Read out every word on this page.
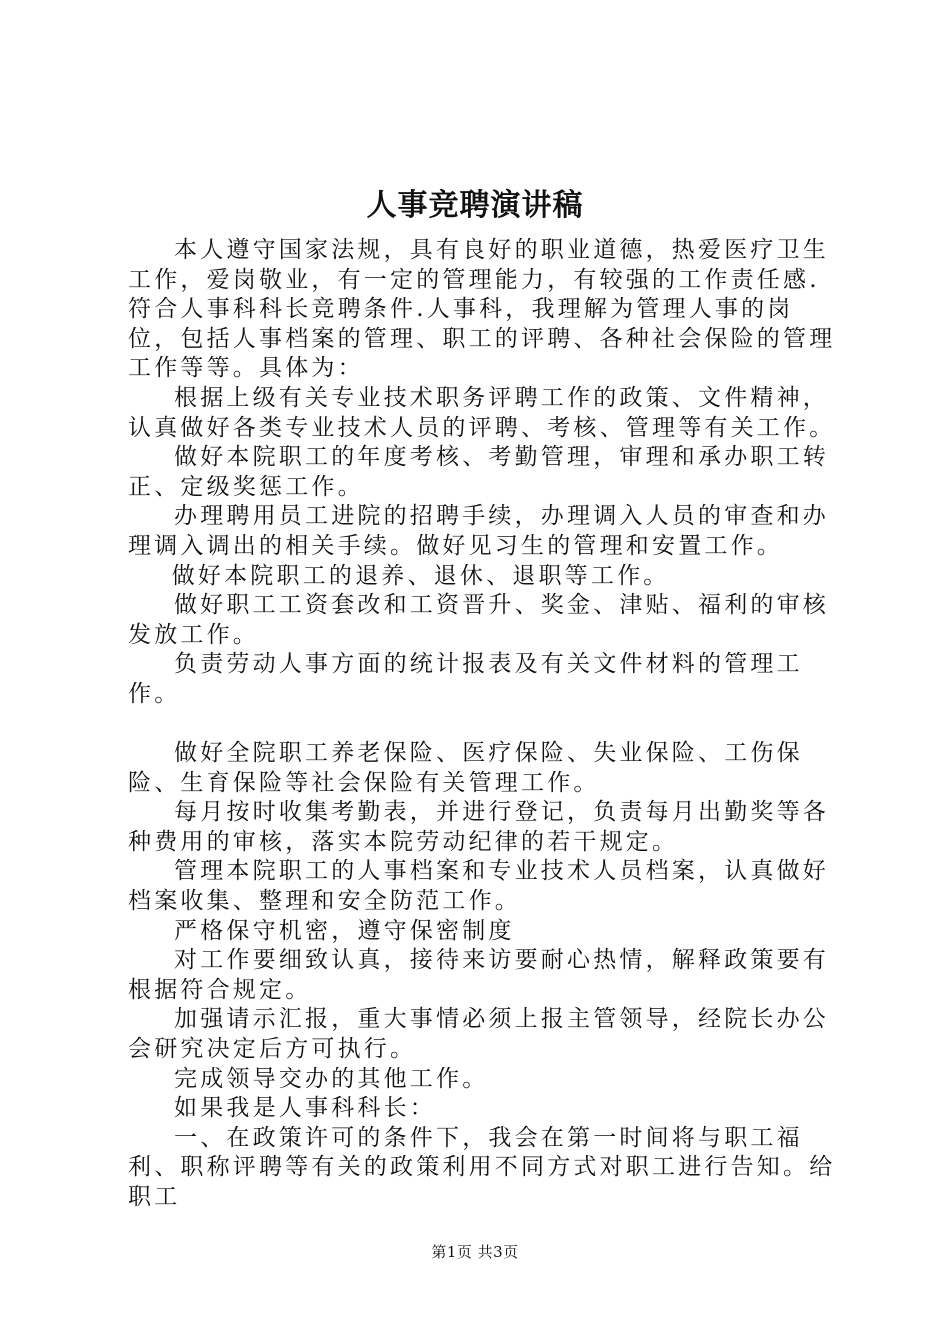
人事竞聘演讲稿

本人遵守国家法规，具有良好的职业道德，热爱医疗卫生工作，爱岗敬业，有一定的管理能力，有较强的工作责任感.符合人事科科长竞聘条件.人事科，我理解为管理人事的岗位，包括人事档案的管理、职工的评聘、各种社会保险的管理工作等等。具体为：

根据上级有关专业技术职务评聘工作的政策、文件精神，认真做好各类专业技术人员的评聘、考核、管理等有关工作。

做好本院职工的年度考核、考勤管理，审理和承办职工转正、定级奖惩工作。

办理聘用员工进院的招聘手续，办理调入人员的审查和办理调入调出的相关手续。做好见习生的管理和安置工作。

做好本院职工的退养、退休、退职等工作。

做好职工工资套改和工资晋升、奖金、津贴、福利的审核发放工作。

负责劳动人事方面的统计报表及有关文件材料的管理工作。

做好全院职工养老保险、医疗保险、失业保险、工伤保险、生育保险等社会保险有关管理工作。

每月按时收集考勤表，并进行登记，负责每月出勤奖等各种费用的审核，落实本院劳动纪律的若干规定。

管理本院职工的人事档案和专业技术人员档案，认真做好档案收集、整理和安全防范工作。

严格保守机密，遵守保密制度

对工作要细致认真，接待来访要耐心热情，解释政策要有根据符合规定。

加强请示汇报，重大事情必须上报主管领导，经院长办公会研究决定后方可执行。

完成领导交办的其他工作。

如果我是人事科科长：

一、在政策许可的条件下，我会在第一时间将与职工福利、职称评聘等有关的政策利用不同方式对职工进行告知。给职工

第1页 共3页
